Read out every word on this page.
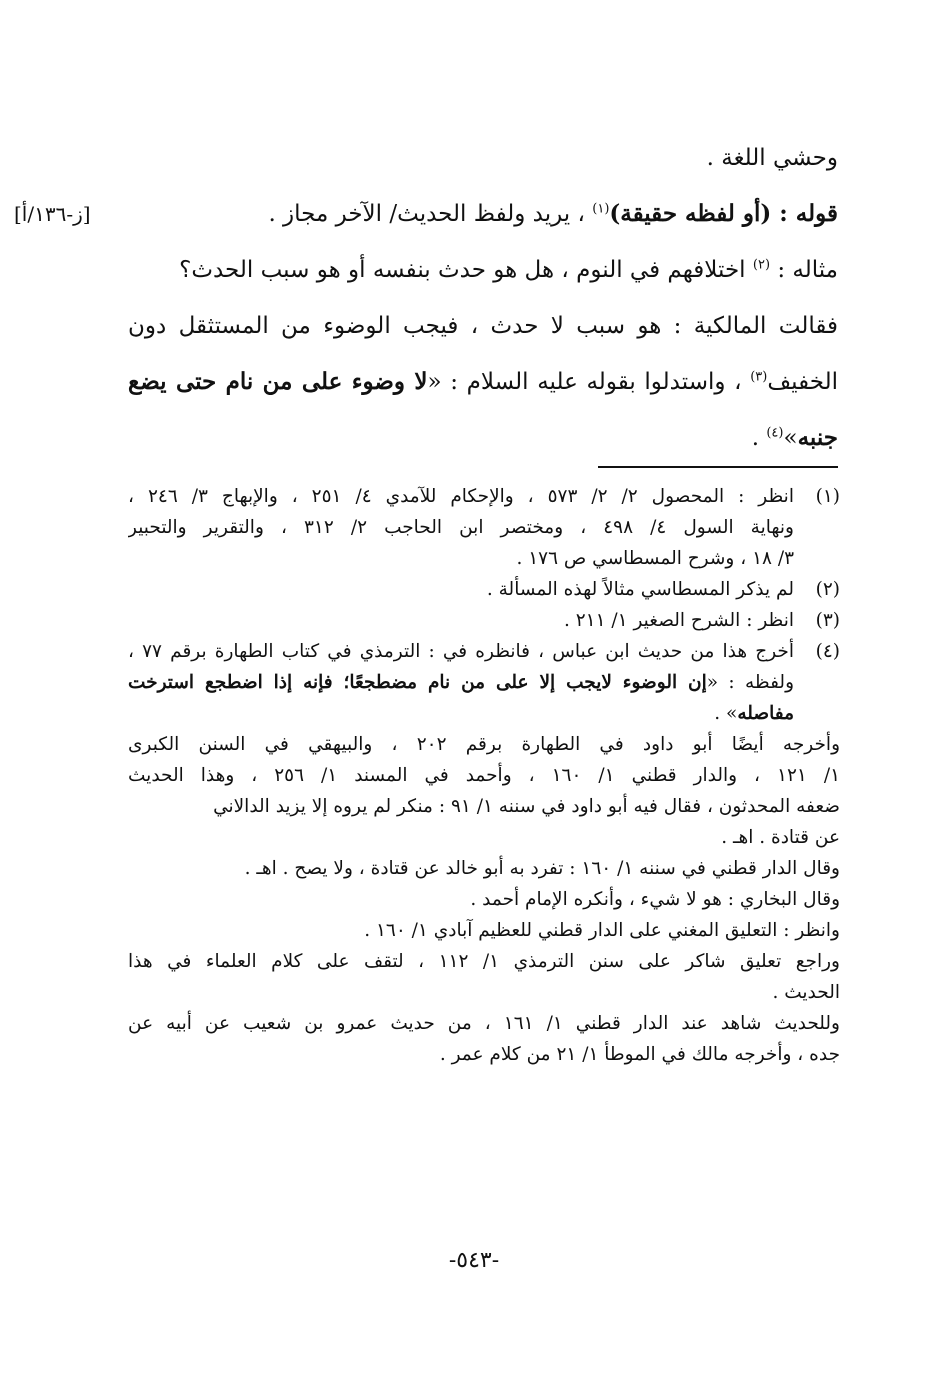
[ز-١٣٦/أ]
وحشي اللغة .
قوله : (أو لفظه حقيقة)$^{(١)}$ ، يريد ولفظ الحديث/ الآخر مجاز .
مثاله : $^{(٢)}$ اختلافهم في النوم ، هل هو حدث بنفسه أو هو سبب الحدث؟
فقالت المالكية : هو سبب لا حدث ، فيجب الوضوء من المستثقل دون
الخفيف$^{(٣)}$ ، واستدلوا بقوله عليه السلام : «لا وضوء على من نام حتى يضع
جنبه»$^{(٤)}$ .
(١)
انظر : المحصول ٢/ ٢/ ٥٧٣ ، والإحكام للآمدي ٤/ ٢٥١ ، والإبهاج ٣/ ٢٤٦ ،
ونهاية السول ٤/ ٤٩٨ ، ومختصر ابن الحاجب ٢/ ٣١٢ ، والتقرير والتحبير
٣/ ١٨ ، وشرح المسطاسي ص ١٧٦ .
(٢)
لم يذكر المسطاسي مثالاً لهذه المسألة .
(٣)
انظر : الشرح الصغير ١/ ٢١١ .
(٤)
أخرج هذا من حديث ابن عباس ، فانظره في : الترمذي في كتاب الطهارة برقم ٧٧ ،
ولفظه : «إن الوضوء لايجب إلا على من نام مضطجعًا؛ فإنه إذا اضطجع استرخت
مفاصله» .
وأخرجه أيضًا أبو داود في الطهارة برقم ٢٠٢ ، والبيهقي في السنن الكبرى
١/ ١٢١ ، والدار قطني ١/ ١٦٠ ، وأحمد في المسند ١/ ٢٥٦ ، وهذا الحديث
ضعفه المحدثون ، فقال فيه أبو داود في سننه ١/ ٩١ : منكر لم يروه إلا يزيد الدالاني
عن قتادة . اهـ .
وقال الدار قطني في سننه ١/ ١٦٠ : تفرد به أبو خالد عن قتادة ، ولا يصح . اهـ .
وقال البخاري : هو لا شيء ، وأنكره الإمام أحمد .
وانظر : التعليق المغني على الدار قطني للعظيم آبادي ١/ ١٦٠ .
وراجع تعليق شاكر على سنن الترمذي ١/ ١١٢ ، لتقف على كلام العلماء في هذا
الحديث .
وللحديث شاهد عند الدار قطني ١/ ١٦١ ، من حديث عمرو بن شعيب عن أبيه عن
جده ، وأخرجه مالك في الموطأ ١/ ٢١ من كلام عمر .
-٥٤٣-
